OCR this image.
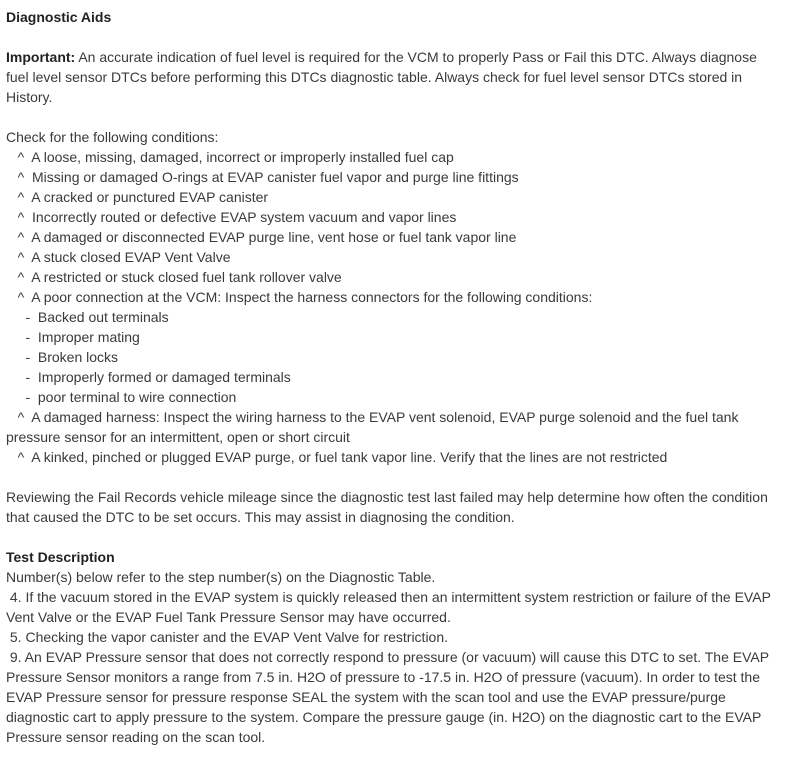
Diagnostic Aids

Important: An accurate indication of fuel level is required for the VCM to properly Pass or Fail this DTC. Always diagnose fuel level sensor DTCs before performing this DTCs diagnostic table. Always check for fuel level sensor DTCs stored in History.

Check for the following conditions:

^  A loose, missing, damaged, incorrect or improperly installed fuel cap

^  Missing or damaged O-rings at EVAP canister fuel vapor and purge line fittings

^  A cracked or punctured EVAP canister

^  Incorrectly routed or defective EVAP system vacuum and vapor lines

^  A damaged or disconnected EVAP purge line, vent hose or fuel tank vapor line

^  A stuck closed EVAP Vent Valve

^  A restricted or stuck closed fuel tank rollover valve

^  A poor connection at the VCM: Inspect the harness connectors for the following conditions:

-  Backed out terminals

-  Improper mating

-  Broken locks

-  Improperly formed or damaged terminals

-  poor terminal to wire connection

^  A damaged harness: Inspect the wiring harness to the EVAP vent solenoid, EVAP purge solenoid and the fuel tank pressure sensor for an intermittent, open or short circuit

^  A kinked, pinched or plugged EVAP purge, or fuel tank vapor line. Verify that the lines are not restricted

Reviewing the Fail Records vehicle mileage since the diagnostic test last failed may help determine how often the condition that caused the DTC to be set occurs. This may assist in diagnosing the condition.

Test Description

Number(s) below refer to the step number(s) on the Diagnostic Table.

4. If the vacuum stored in the EVAP system is quickly released then an intermittent system restriction or failure of the EVAP Vent Valve or the EVAP Fuel Tank Pressure Sensor may have occurred.

5. Checking the vapor canister and the EVAP Vent Valve for restriction.

9. An EVAP Pressure sensor that does not correctly respond to pressure (or vacuum) will cause this DTC to set. The EVAP Pressure Sensor monitors a range from 7.5 in. H2O of pressure to -17.5 in. H2O of pressure (vacuum). In order to test the EVAP Pressure sensor for pressure response SEAL the system with the scan tool and use the EVAP pressure/purge diagnostic cart to apply pressure to the system. Compare the pressure gauge (in. H2O) on the diagnostic cart to the EVAP Pressure sensor reading on the scan tool.
